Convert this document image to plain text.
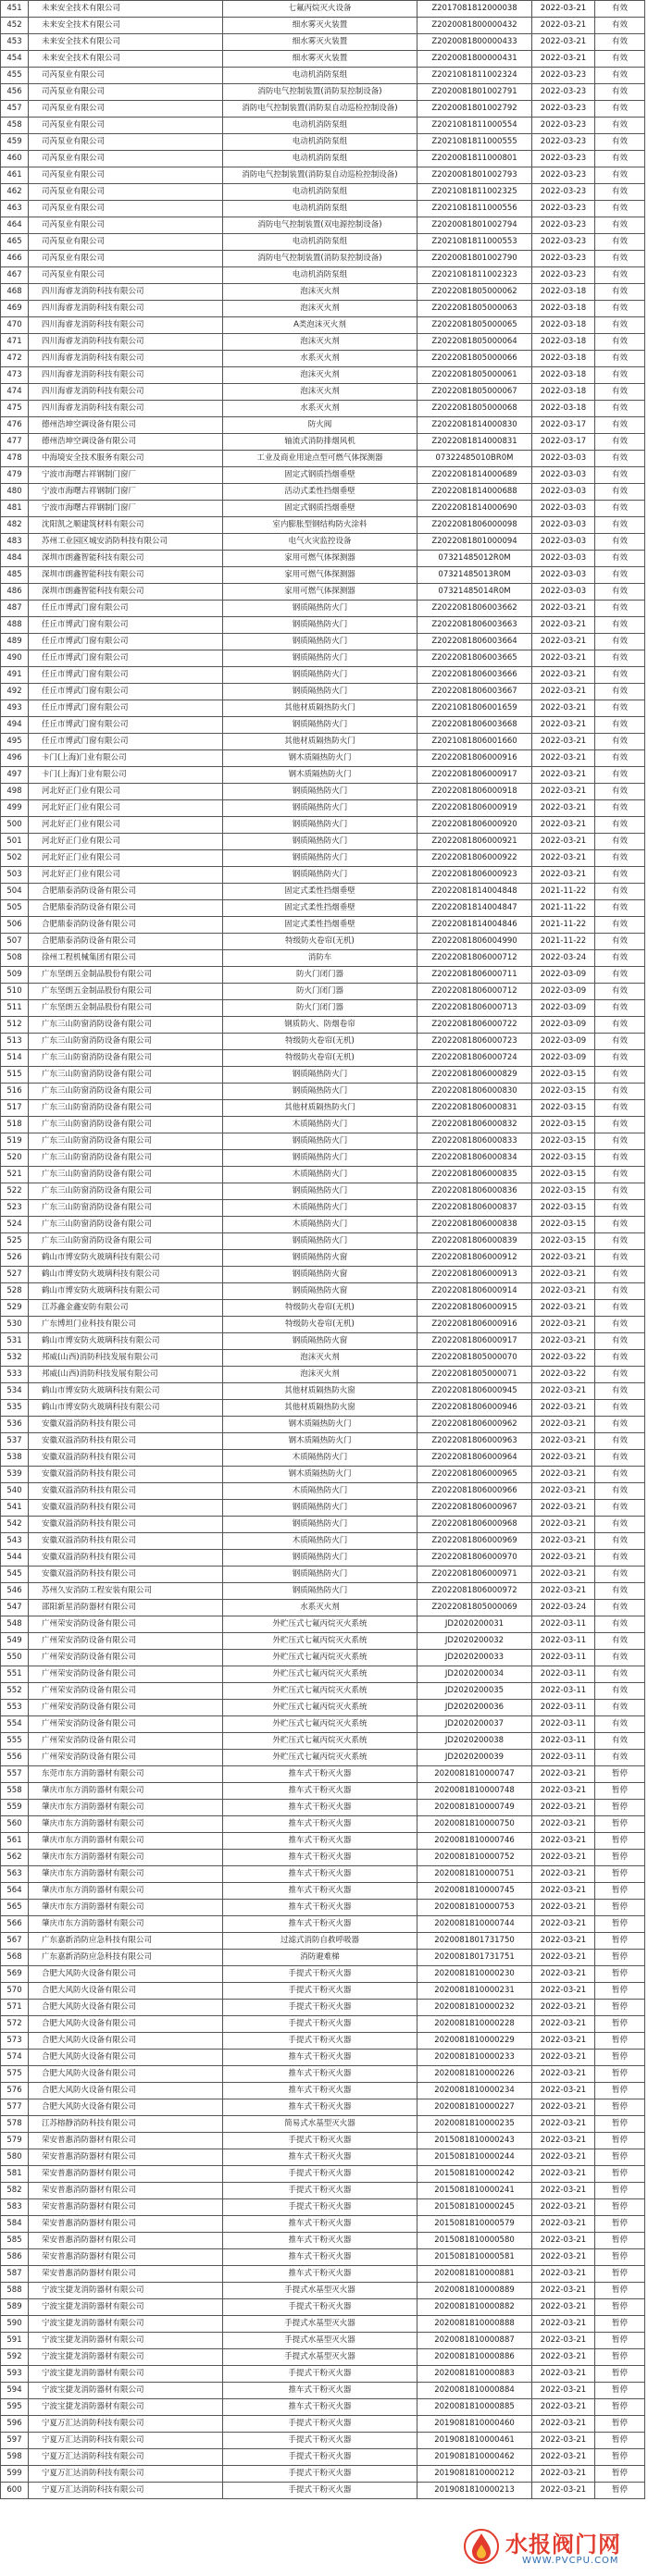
451	未来安全技术有限公司	七氟丙烷灭火设备	Z2017081812000038	2022-03-21	有效
452	未来安全技术有限公司	细水雾灭火装置	Z2020081800000432	2022-03-21	有效
453	未来安全技术有限公司	细水雾灭火装置	Z2020081800000433	2022-03-21	有效
454	未来安全技术有限公司	细水雾灭火装置	Z2020081800000431	2022-03-21	有效
455	司芮泵业有限公司	电动机消防泵组	Z2021081811002324	2022-03-23	有效
456	司芮泵业有限公司	消防电气控制装置(消防泵控制设备)	Z2020081801002791	2022-03-23	有效
457	司芮泵业有限公司	消防电气控制装置(消防泵自动巡检控制设备)	Z2020081801002792	2022-03-23	有效
458	司芮泵业有限公司	电动机消防泵组	Z2021081811000554	2022-03-23	有效
459	司芮泵业有限公司	电动机消防泵组	Z2021081811000555	2022-03-23	有效
460	司芮泵业有限公司	电动机消防泵组	Z2020081811000801	2022-03-23	有效
461	司芮泵业有限公司	消防电气控制装置(消防泵自动巡检控制设备)	Z2020081801002793	2022-03-23	有效
462	司芮泵业有限公司	电动机消防泵组	Z2021081811002325	2022-03-23	有效
463	司芮泵业有限公司	电动机消防泵组	Z2021081811000556	2022-03-23	有效
464	司芮泵业有限公司	消防电气控制装置(双电源控制设备)	Z2020081801002794	2022-03-23	有效
465	司芮泵业有限公司	电动机消防泵组	Z2021081811000553	2022-03-23	有效
466	司芮泵业有限公司	消防电气控制装置(消防泵控制设备)	Z2020081801002790	2022-03-23	有效
467	司芮泵业有限公司	电动机消防泵组	Z2021081811002323	2022-03-23	有效
468	四川海睿龙消防科技有限公司	泡沫灭火剂	Z2022081805000062	2022-03-18	有效
469	四川海睿龙消防科技有限公司	泡沫灭火剂	Z2022081805000063	2022-03-18	有效
470	四川海睿龙消防科技有限公司	A类泡沫灭火剂	Z2022081805000065	2022-03-18	有效
471	四川海睿龙消防科技有限公司	泡沫灭火剂	Z2022081805000064	2022-03-18	有效
472	四川海睿龙消防科技有限公司	水系灭火剂	Z2022081805000066	2022-03-18	有效
473	四川海睿龙消防科技有限公司	泡沫灭火剂	Z2022081805000061	2022-03-18	有效
474	四川海睿龙消防科技有限公司	泡沫灭火剂	Z2022081805000067	2022-03-18	有效
475	四川海睿龙消防科技有限公司	水系灭火剂	Z2022081805000068	2022-03-18	有效
476	德州浩坤空调设备有限公司	防火阀	Z2022081814000830	2022-03-17	有效
477	德州浩坤空调设备有限公司	轴流式消防排烟风机	Z2022081814000831	2022-03-17	有效
478	中海境安全技术服务有限公司	工业及商业用途点型可燃气体探测器	07322485010BR0M	2022-03-03	有效
479	宁波市海曙古祥钢制门窗厂	固定式钢质挡烟垂壁	Z2022081814000689	2022-03-03	有效
480	宁波市海曙古祥钢制门窗厂	活动式柔性挡烟垂壁	Z2022081814000688	2022-03-03	有效
481	宁波市海曙古祥钢制门窗厂	固定式钢质挡烟垂壁	Z2022081814000690	2022-03-03	有效
482	沈阳凯之顺建筑材料有限公司	室内膨胀型钢结构防火涂料	Z2022081806000098	2022-03-03	有效
483	苏州工业园区城安消防科技有限公司	电气火灾监控设备	Z2022081801000094	2022-03-03	有效
484	深圳市朗鑫智能科技有限公司	家用可燃气体探测器	07321485012R0M	2022-03-03	有效
485	深圳市朗鑫智能科技有限公司	家用可燃气体探测器	07321485013R0M	2022-03-03	有效
486	深圳市朗鑫智能科技有限公司	家用可燃气体探测器	07321485014R0M	2022-03-03	有效
487	任丘市博武门窗有限公司	钢质隔热防火门	Z2022081806003662	2022-03-21	有效
488	任丘市博武门窗有限公司	钢质隔热防火门	Z2022081806003663	2022-03-21	有效
489	任丘市博武门窗有限公司	钢质隔热防火门	Z2022081806003664	2022-03-21	有效
490	任丘市博武门窗有限公司	钢质隔热防火门	Z2022081806003665	2022-03-21	有效
491	任丘市博武门窗有限公司	钢质隔热防火门	Z2022081806003666	2022-03-21	有效
492	任丘市博武门窗有限公司	钢质隔热防火门	Z2022081806003667	2022-03-21	有效
493	任丘市博武门窗有限公司	其他材质隔热防火门	Z2021081806001659	2022-03-21	有效
494	任丘市博武门窗有限公司	钢质隔热防火门	Z2022081806003668	2022-03-21	有效
495	任丘市博武门窗有限公司	其他材质隔热防火门	Z2021081806001660	2022-03-21	有效
496	卡门(上海)门业有限公司	钢木质隔热防火门	Z2022081806000916	2022-03-21	有效
497	卡门(上海)门业有限公司	钢木质隔热防火门	Z2022081806000917	2022-03-21	有效
498	河北好正门业有限公司	钢质隔热防火门	Z2022081806000918	2022-03-21	有效
499	河北好正门业有限公司	钢质隔热防火门	Z2022081806000919	2022-03-21	有效
500	河北好正门业有限公司	钢质隔热防火门	Z2022081806000920	2022-03-21	有效
501	河北好正门业有限公司	钢质隔热防火门	Z2022081806000921	2022-03-21	有效
502	河北好正门业有限公司	钢质隔热防火门	Z2022081806000922	2022-03-21	有效
503	河北好正门业有限公司	钢质隔热防火门	Z2022081806000923	2022-03-21	有效
504	合肥鼎泰消防设备有限公司	固定式柔性挡烟垂壁	Z2022081814004848	2021-11-22	有效
505	合肥鼎泰消防设备有限公司	固定式柔性挡烟垂壁	Z2022081814004847	2021-11-22	有效
506	合肥鼎泰消防设备有限公司	固定式柔性挡烟垂壁	Z2022081814004846	2021-11-22	有效
507	合肥鼎泰消防设备有限公司	特级防火卷帘(无机)	Z2022081806004990	2021-11-22	有效
508	徐州工程机械集团有限公司	消防车	Z2022081806000712	2022-03-24	有效
509	广东坚朗五金制品股份有限公司	防火门闭门器	Z2022081806000711	2022-03-09	有效
510	广东坚朗五金制品股份有限公司	防火门闭门器	Z2022081806000712	2022-03-09	有效
511	广东坚朗五金制品股份有限公司	防火门闭门器	Z2022081806000713	2022-03-09	有效
512	广东三山防窗消防设备有限公司	钢质防火、防烟卷帘	Z2022081806000722	2022-03-09	有效
513	广东三山防窗消防设备有限公司	特级防火卷帘(无机)	Z2022081806000723	2022-03-09	有效
514	广东三山防窗消防设备有限公司	特级防火卷帘(无机)	Z2022081806000724	2022-03-09	有效
515	广东三山防窗消防设备有限公司	钢质隔热防火门	Z2022081806000829	2022-03-15	有效
516	广东三山防窗消防设备有限公司	钢质隔热防火门	Z2022081806000830	2022-03-15	有效
517	广东三山防窗消防设备有限公司	其他材质隔热防火门	Z2022081806000831	2022-03-15	有效
518	广东三山防窗消防设备有限公司	木质隔热防火门	Z2022081806000832	2022-03-15	有效
519	广东三山防窗消防设备有限公司	钢质隔热防火门	Z2022081806000833	2022-03-15	有效
520	广东三山防窗消防设备有限公司	钢质隔热防火门	Z2022081806000834	2022-03-15	有效
521	广东三山防窗消防设备有限公司	木质隔热防火门	Z2022081806000835	2022-03-15	有效
522	广东三山防窗消防设备有限公司	钢质隔热防火门	Z2022081806000836	2022-03-15	有效
523	广东三山防窗消防设备有限公司	木质隔热防火门	Z2022081806000837	2022-03-15	有效
524	广东三山防窗消防设备有限公司	木质隔热防火门	Z2022081806000838	2022-03-15	有效
525	广东三山防窗消防设备有限公司	钢质隔热防火门	Z2022081806000839	2022-03-15	有效
526	鹤山市博安防火玻璃科技有限公司	钢质隔热防火窗	Z2022081806000912	2022-03-21	有效
527	鹤山市博安防火玻璃科技有限公司	钢质隔热防火窗	Z2022081806000913	2022-03-21	有效
528	鹤山市博安防火玻璃科技有限公司	钢质隔热防火窗	Z2022081806000914	2022-03-21	有效
529	江苏鑫金鑫安防有限公司	特级防火卷帘(无机)	Z2022081806000915	2022-03-21	有效
530	广东博坦门业科技有限公司	特级防火卷帘(无机)	Z2022081806000916	2022-03-21	有效
531	鹤山市博安防火玻璃科技有限公司	钢质隔热防火窗	Z2022081806000917	2022-03-21	有效
532	邦威(山西)消防科技发展有限公司	泡沫灭火剂	Z2022081805000070	2022-03-22	有效
533	邦威(山西)消防科技发展有限公司	泡沫灭火剂	Z2022081805000071	2022-03-22	有效
534	鹤山市博安防火玻璃科技有限公司	其他材质隔热防火窗	Z2022081806000945	2022-03-21	有效
535	鹤山市博安防火玻璃科技有限公司	其他材质隔热防火窗	Z2022081806000946	2022-03-21	有效
536	安徽双溢消防科技有限公司	钢木质隔热防火门	Z2022081806000962	2022-03-21	有效
537	安徽双溢消防科技有限公司	钢木质隔热防火门	Z2022081806000963	2022-03-21	有效
538	安徽双溢消防科技有限公司	木质隔热防火门	Z2022081806000964	2022-03-21	有效
539	安徽双溢消防科技有限公司	钢木质隔热防火门	Z2022081806000965	2022-03-21	有效
540	安徽双溢消防科技有限公司	木质隔热防火门	Z2022081806000966	2022-03-21	有效
541	安徽双溢消防科技有限公司	钢质隔热防火门	Z2022081806000967	2022-03-21	有效
542	安徽双溢消防科技有限公司	钢质隔热防火门	Z2022081806000968	2022-03-21	有效
543	安徽双溢消防科技有限公司	木质隔热防火门	Z2022081806000969	2022-03-21	有效
544	安徽双溢消防科技有限公司	钢质隔热防火门	Z2022081806000970	2022-03-21	有效
545	安徽双溢消防科技有限公司	钢质隔热防火门	Z2022081806000971	2022-03-21	有效
546	苏州久安消防工程安装有限公司	钢质隔热防火门	Z2022081806000972	2022-03-21	有效
547	邵阳新星消防器材有限公司	水系灭火剂	Z2022081805000069	2022-03-24	有效
548	广州荣安消防设备有限公司	外贮压式七氟丙烷灭火系统	JD2020200031	2022-03-11	有效
549	广州荣安消防设备有限公司	外贮压式七氟丙烷灭火系统	JD2020200032	2022-03-11	有效
550	广州荣安消防设备有限公司	外贮压式七氟丙烷灭火系统	JD2020200033	2022-03-11	有效
551	广州荣安消防设备有限公司	外贮压式七氟丙烷灭火系统	JD2020200034	2022-03-11	有效
552	广州荣安消防设备有限公司	外贮压式七氟丙烷灭火系统	JD2020200035	2022-03-11	有效
553	广州荣安消防设备有限公司	外贮压式七氟丙烷灭火系统	JD2020200036	2022-03-11	有效
554	广州荣安消防设备有限公司	外贮压式七氟丙烷灭火系统	JD2020200037	2022-03-11	有效
555	广州荣安消防设备有限公司	外贮压式七氟丙烷灭火系统	JD2020200038	2022-03-11	有效
556	广州荣安消防设备有限公司	外贮压式七氟丙烷灭火系统	JD2020200039	2022-03-11	有效
557	东莞市东方消防器材有限公司	推车式干粉灭火器	2020081810000747	2022-03-21	暂停
558	肇庆市东方消防器材有限公司	推车式干粉灭火器	2020081810000748	2022-03-21	暂停
559	肇庆市东方消防器材有限公司	推车式干粉灭火器	2020081810000749	2022-03-21	暂停
560	肇庆市东方消防器材有限公司	推车式干粉灭火器	2020081810000750	2022-03-21	暂停
561	肇庆市东方消防器材有限公司	推车式干粉灭火器	2020081810000746	2022-03-21	暂停
562	肇庆市东方消防器材有限公司	推车式干粉灭火器	2020081810000752	2022-03-21	暂停
563	肇庆市东方消防器材有限公司	推车式干粉灭火器	2020081810000751	2022-03-21	暂停
564	肇庆市东方消防器材有限公司	推车式干粉灭火器	2020081810000745	2022-03-21	暂停
565	肇庆市东方消防器材有限公司	推车式干粉灭火器	2020081810000753	2022-03-21	暂停
566	肇庆市东方消防器材有限公司	推车式干粉灭火器	2020081810000744	2022-03-21	暂停
567	广东嘉新消防应急科技有限公司	过滤式消防自救呼吸器	2020081801731750	2022-03-21	暂停
568	广东嘉新消防应急科技有限公司	消防避难梯	2020081801731751	2022-03-21	暂停
569	合肥大风防火设备有限公司	手提式干粉灭火器	2020081810000230	2022-03-21	暂停
570	合肥大风防火设备有限公司	手提式干粉灭火器	2020081810000231	2022-03-21	暂停
571	合肥大风防火设备有限公司	手提式干粉灭火器	2020081810000232	2022-03-21	暂停
572	合肥大风防火设备有限公司	手提式干粉灭火器	2020081810000228	2022-03-21	暂停
573	合肥大风防火设备有限公司	手提式干粉灭火器	2020081810000229	2022-03-21	暂停
574	合肥大风防火设备有限公司	推车式干粉灭火器	2020081810000233	2022-03-21	暂停
575	合肥大风防火设备有限公司	推车式干粉灭火器	2020081810000226	2022-03-21	暂停
576	合肥大风防火设备有限公司	推车式干粉灭火器	2020081810000234	2022-03-21	暂停
577	合肥大风防火设备有限公司	推车式干粉灭火器	2020081810000227	2022-03-21	暂停
578	江苏榕静消防科技有限公司	简易式水基型灭火器	2020081810000235	2022-03-21	暂停
579	荣安普惠消防器材有限公司	手提式干粉灭火器	2015081810000243	2022-03-21	暂停
580	荣安普惠消防器材有限公司	推车式干粉灭火器	2015081810000244	2022-03-21	暂停
581	荣安普惠消防器材有限公司	手提式干粉灭火器	2015081810000242	2022-03-21	暂停
582	荣安普惠消防器材有限公司	手提式干粉灭火器	2015081810000241	2022-03-21	暂停
583	荣安普惠消防器材有限公司	手提式干粉灭火器	2015081810000245	2022-03-21	暂停
584	荣安普惠消防器材有限公司	推车式干粉灭火器	2015081810000579	2022-03-21	暂停
585	荣安普惠消防器材有限公司	推车式干粉灭火器	2015081810000580	2022-03-21	暂停
586	荣安普惠消防器材有限公司	推车式干粉灭火器	2015081810000581	2022-03-21	暂停
587	荣安普惠消防器材有限公司	推车式干粉灭火器	2020081810000881	2022-03-21	暂停
588	宁波宝捷龙消防器材有限公司	手提式水基型灭火器	2020081810000889	2022-03-21	暂停
589	宁波宝捷龙消防器材有限公司	手提式干粉灭火器	2020081810000882	2022-03-21	暂停
590	宁波宝捷龙消防器材有限公司	手提式水基型灭火器	2020081810000888	2022-03-21	暂停
591	宁波宝捷龙消防器材有限公司	手提式水基型灭火器	2020081810000887	2022-03-21	暂停
592	宁波宝捷龙消防器材有限公司	手提式水基型灭火器	2020081810000886	2022-03-21	暂停
593	宁波宝捷龙消防器材有限公司	手提式干粉灭火器	2020081810000883	2022-03-21	暂停
594	宁波宝捷龙消防器材有限公司	推车式干粉灭火器	2020081810000884	2022-03-21	暂停
595	宁波宝捷龙消防器材有限公司	推车式干粉灭火器	2020081810000885	2022-03-21	暂停
596	宁夏万汇达消防科技有限公司	手提式干粉灭火器	2019081810000460	2022-03-21	暂停
597	宁夏万汇达消防科技有限公司	手提式干粉灭火器	2019081810000461	2022-03-21	暂停
598	宁夏万汇达消防科技有限公司	手提式干粉灭火器	2019081810000462	2022-03-21	暂停
599	宁夏万汇达消防科技有限公司	手提式干粉灭火器	2019081810000212	2022-03-21	暂停
600	宁夏万汇达消防科技有限公司	手提式干粉灭火器	2019081810000213	2022-03-21	暂停
水报阀门网
WWW.PVCPU.COM
